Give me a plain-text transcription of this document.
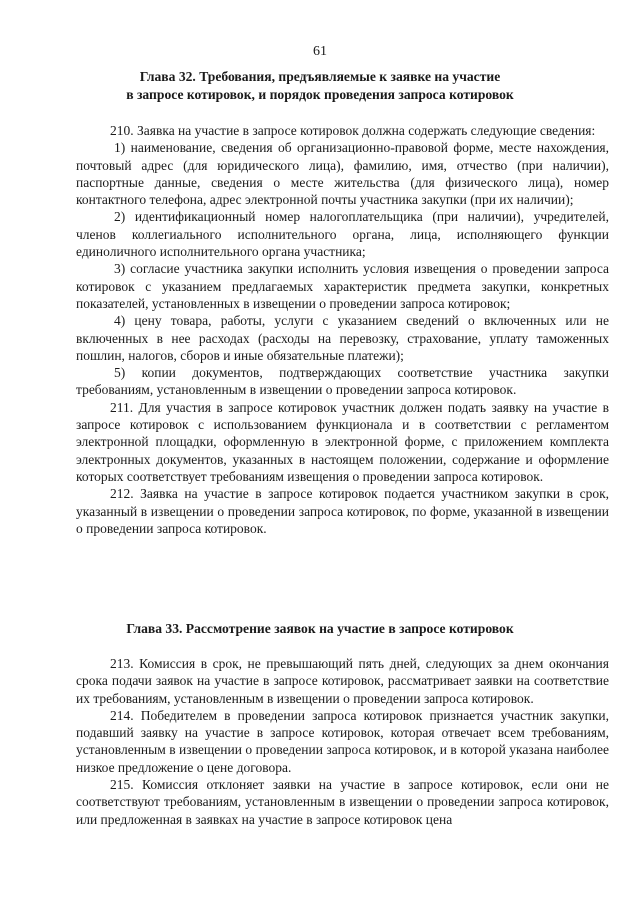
61
Глава 32. Требования, предъявляемые к заявке на участие
в запросе котировок, и порядок проведения запроса котировок

210. Заявка на участие в запросе котировок должна содержать следующие сведения:

1) наименование, сведения об организационно-правовой форме, месте нахождения, почтовый адрес (для юридического лица), фамилию, имя, отчество (при наличии), паспортные данные, сведения о месте жительства (для физического лица), номер контактного телефона, адрес электронной почты участника закупки (при их наличии);

2) идентификационный номер налогоплательщика (при наличии), учредителей, членов коллегиального исполнительного органа, лица, исполняющего функции единоличного исполнительного органа участника;

3) согласие участника закупки исполнить условия извещения о проведении запроса котировок с указанием предлагаемых характеристик предмета закупки, конкретных показателей, установленных в извещении о проведении запроса котировок;

4) цену товара, работы, услуги с указанием сведений о включенных или не включенных в нее расходах (расходы на перевозку, страхование, уплату таможенных пошлин, налогов, сборов и иные обязательные платежи);

5) копии документов, подтверждающих соответствие участника закупки требованиям, установленным в извещении о проведении запроса котировок.

211. Для участия в запросе котировок участник должен подать заявку на участие в запросе котировок с использованием функционала и в соответствии с регламентом электронной площадки, оформленную в электронной форме, с приложением комплекта электронных документов, указанных в настоящем положении, содержание и оформление которых соответствует требованиям извещения о проведении запроса котировок.

212. Заявка на участие в запросе котировок подается участником закупки в срок, указанный в извещении о проведении запроса котировок, по форме, указанной в извещении о проведении запроса котировок.

Глава 33. Рассмотрение заявок на участие в запросе котировок

213. Комиссия в срок, не превышающий пять дней, следующих за днем окончания срока подачи заявок на участие в запросе котировок, рассматривает заявки на соответствие их требованиям, установленным в извещении о проведении запроса котировок.

214. Победителем в проведении запроса котировок признается участник закупки, подавший заявку на участие в запросе котировок, которая отвечает всем требованиям, установленным в извещении о проведении запроса котировок, и в которой указана наиболее низкое предложение о цене договора.

215. Комиссия отклоняет заявки на участие в запросе котировок, если они не соответствуют требованиям, установленным в извещении о проведении запроса котировок, или предложенная в заявках на участие в запросе котировок цена
